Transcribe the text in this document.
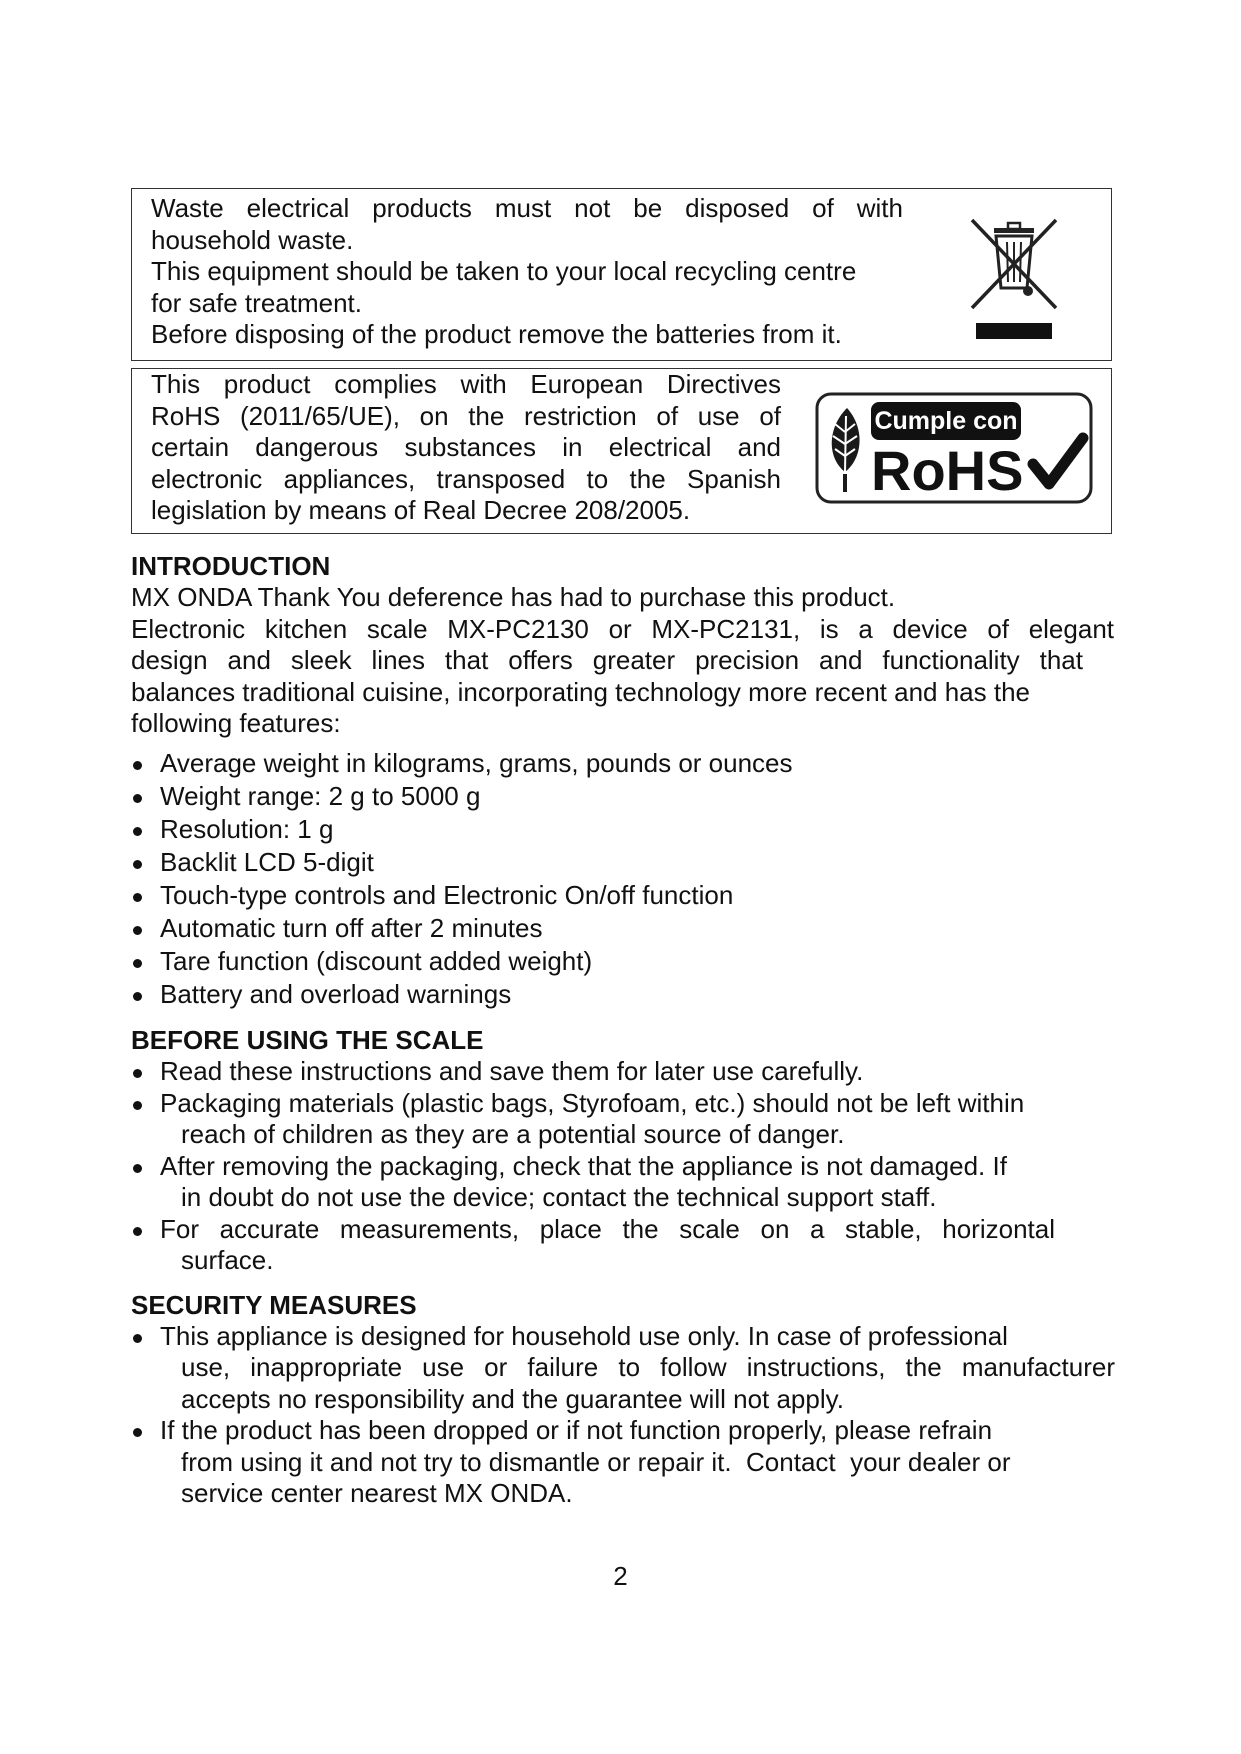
Waste electrical products must not be disposed of with
household waste.
This equipment should be taken to your local recycling centre
for safe treatment.
Before disposing of the product remove the batteries from it.
This product complies with European Directives
RoHS (2011/65/UE), on the restriction of use of
certain dangerous substances in electrical and
electronic appliances, transposed to the Spanish
legislation by means of Real Decree 208/2005.
Cumple con
RoHS
INTRODUCTION
MX ONDA Thank You deference has had to purchase this product.
Electronic kitchen scale MX-PC2130 or MX-PC2131, is a device of elegant
design and sleek lines that offers greater precision and functionality that
balances traditional cuisine, incorporating technology more recent and has the
following features:
Average weight in kilograms, grams, pounds or ounces
Weight range: 2 g to 5000 g
Resolution: 1 g
Backlit LCD 5-digit
Touch-type controls and Electronic On/off function
Automatic turn off after 2 minutes
Tare function (discount added weight)
Battery and overload warnings
BEFORE USING THE SCALE
Read these instructions and save them for later use carefully.
Packaging materials (plastic bags, Styrofoam, etc.) should not be left within
reach of children as they are a potential source of danger.
After removing the packaging, check that the appliance is not damaged. If
in doubt do not use the device; contact the technical support staff.
For accurate measurements, place the scale on a stable, horizontal
surface.
SECURITY MEASURES
This appliance is designed for household use only. In case of professional
use, inappropriate use or failure to follow instructions, the manufacturer
accepts no responsibility and the guarantee will not apply.
If the product has been dropped or if not function properly, please refrain
from using it and not try to dismantle or repair it.  Contact  your dealer or
service center nearest MX ONDA.
2
